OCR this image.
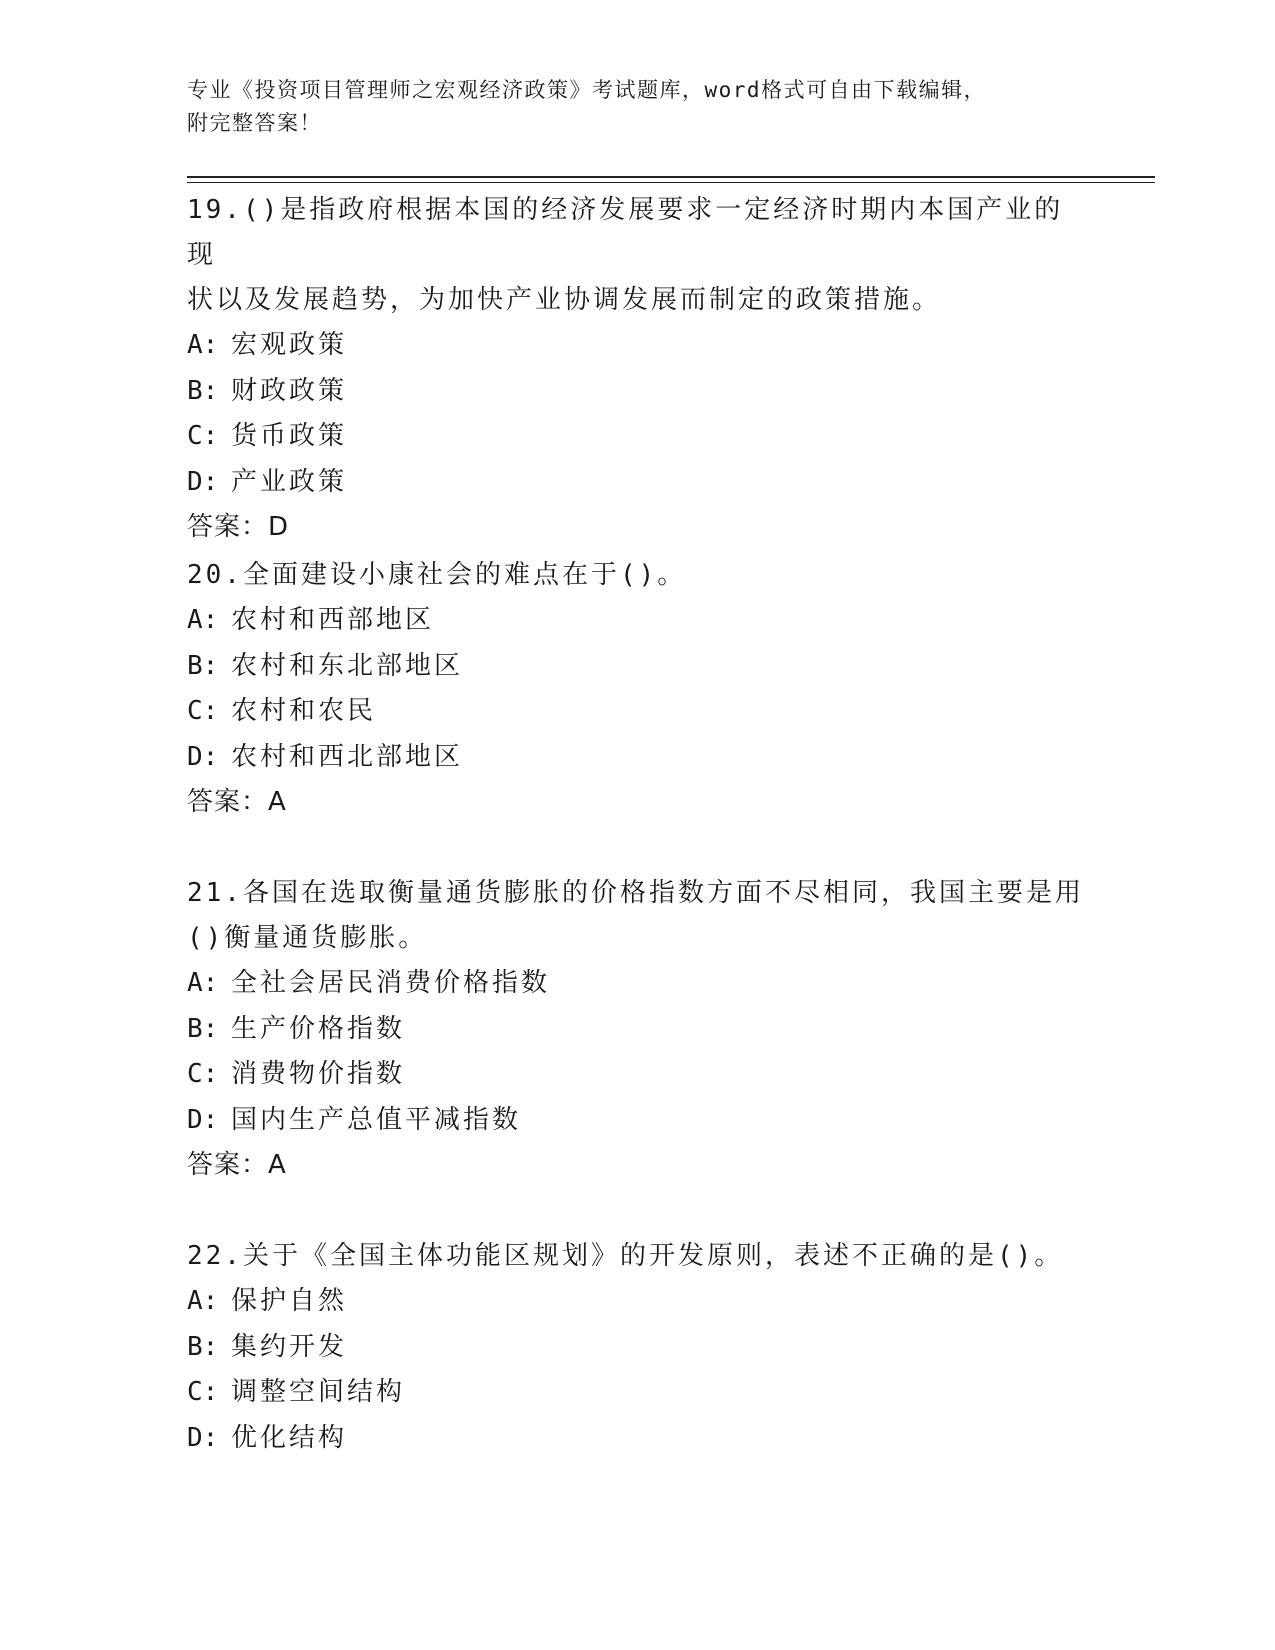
专业《投资项目管理师之宏观经济政策》考试题库，word格式可自由下载编辑，
附完整答案！

19.()是指政府根据本国的经济发展要求一定经济时期内本国产业的现

状以及发展趋势，为加快产业协调发展而制定的政策措施。

A: 宏观政策

B: 财政政策

C: 货币政策

D: 产业政策

答案：D

20.全面建设小康社会的难点在于()。

A: 农村和西部地区

B: 农村和东北部地区

C: 农村和农民

D: 农村和西北部地区

答案：A

21.各国在选取衡量通货膨胀的价格指数方面不尽相同，我国主要是用

()衡量通货膨胀。

A: 全社会居民消费价格指数

B: 生产价格指数

C: 消费物价指数

D: 国内生产总值平减指数

答案：A

22.关于《全国主体功能区规划》的开发原则，表述不正确的是()。

A: 保护自然

B: 集约开发

C: 调整空间结构

D: 优化结构
